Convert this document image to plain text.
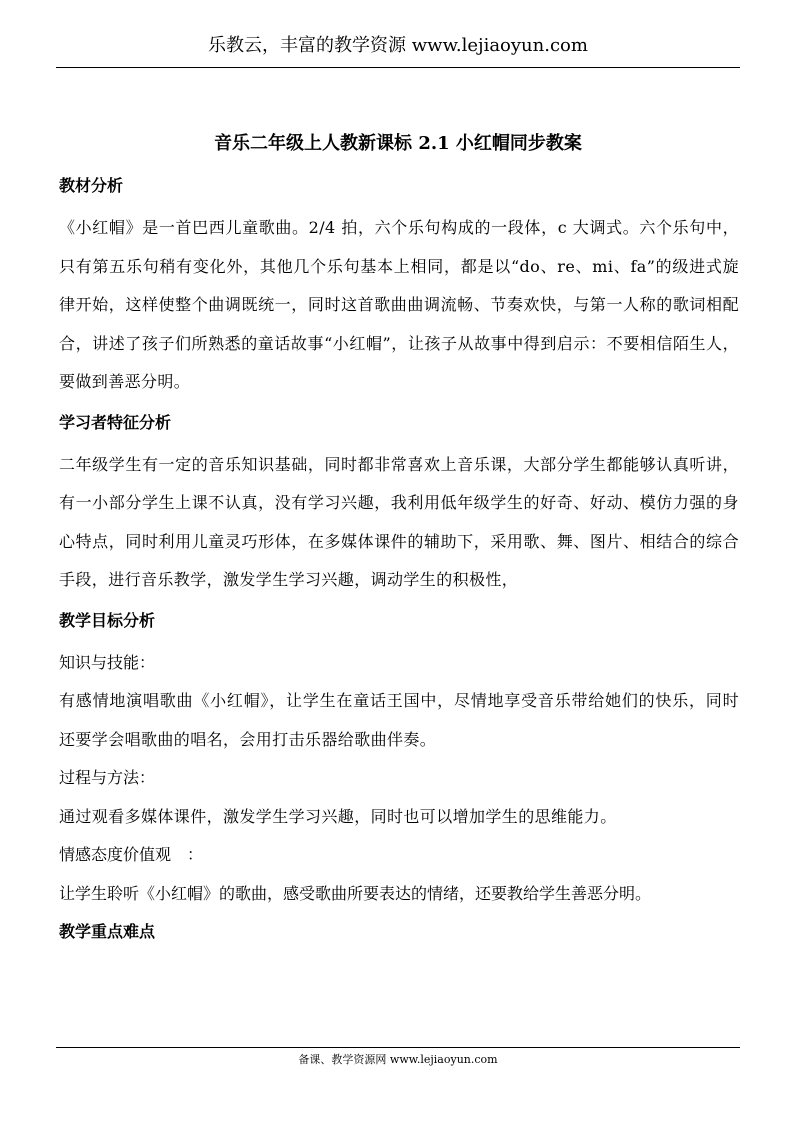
乐教云，丰富的教学资源 www.lejiaoyun.com
音乐二年级上人教新课标 2.1 小红帽同步教案
教材分析

《小红帽》是一首巴西儿童歌曲。2/4 拍，六个乐句构成的一段体，c 大调式。六个乐句中，只有第五乐句稍有变化外，其他几个乐句基本上相同，都是以“do、re、mi、fa”的级进式旋律开始，这样使整个曲调既统一，同时这首歌曲曲调流畅、节奏欢快，与第一人称的歌词相配合，讲述了孩子们所熟悉的童话故事“小红帽”，让孩子从故事中得到启示：不要相信陌生人，要做到善恶分明。

学习者特征分析

二年级学生有一定的音乐知识基础，同时都非常喜欢上音乐课，大部分学生都能够认真听讲，有一小部分学生上课不认真，没有学习兴趣，我利用低年级学生的好奇、好动、模仿力强的身心特点，同时利用儿童灵巧形体，在多媒体课件的辅助下，采用歌、舞、图片、相结合的综合手段，进行音乐教学，激发学生学习兴趣，调动学生的积极性，

教学目标分析

知识与技能：

有感情地演唱歌曲《小红帽》，让学生在童话王国中，尽情地享受音乐带给她们的快乐，同时还要学会唱歌曲的唱名，会用打击乐器给歌曲伴奏。

过程与方法：

通过观看多媒体课件，激发学生学习兴趣，同时也可以增加学生的思维能力。

情感态度价值观　：

让学生聆听《小红帽》的歌曲，感受歌曲所要表达的情绪，还要教给学生善恶分明。

教学重点难点
备课、教学资源网 www.lejiaoyun.com
